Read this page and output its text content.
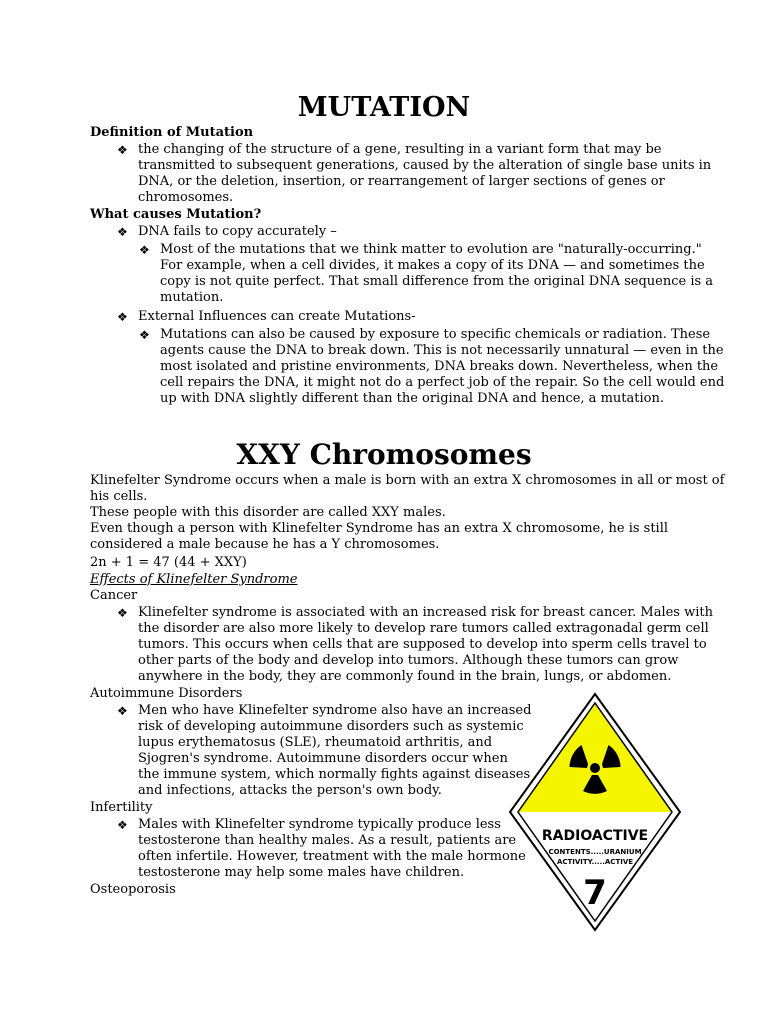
MUTATION
Definition of Mutation
❖ the changing of the structure of a gene, resulting in a variant form that may be
transmitted to subsequent generations, caused by the alteration of single base units in
DNA, or the deletion, insertion, or rearrangement of larger sections of genes or
chromosomes.
What causes Mutation?
❖ DNA fails to copy accurately –
❖ Most of the mutations that we think matter to evolution are "naturally-occurring."
For example, when a cell divides, it makes a copy of its DNA — and sometimes the
copy is not quite perfect. That small difference from the original DNA sequence is a
mutation.
❖ External Influences can create Mutations-
❖ Mutations can also be caused by exposure to specific chemicals or radiation. These
agents cause the DNA to break down. This is not necessarily unnatural — even in the
most isolated and pristine environments, DNA breaks down. Nevertheless, when the
cell repairs the DNA, it might not do a perfect job of the repair. So the cell would end
up with DNA slightly different than the original DNA and hence, a mutation.
XXY Chromosomes
Klinefelter Syndrome occurs when a male is born with an extra X chromosomes in all or most of
his cells.
These people with this disorder are called XXY males.
Even though a person with Klinefelter Syndrome has an extra X chromosome, he is still
considered a male because he has a Y chromosomes.
2n + 1 = 47 (44 + XXY)
Effects of Klinefelter Syndrome
Cancer
❖ Klinefelter syndrome is associated with an increased risk for breast cancer. Males with
the disorder are also more likely to develop rare tumors called extragonadal germ cell
tumors. This occurs when cells that are supposed to develop into sperm cells travel to
other parts of the body and develop into tumors. Although these tumors can grow
anywhere in the body, they are commonly found in the brain, lungs, or abdomen.
Autoimmune Disorders
❖ Men who have Klinefelter syndrome also have an increased
risk of developing autoimmune disorders such as systemic
lupus erythematosus (SLE), rheumatoid arthritis, and
Sjogren's syndrome. Autoimmune disorders occur when
the immune system, which normally fights against diseases
and infections, attacks the person's own body.
Infertility
❖ Males with Klinefelter syndrome typically produce less
testosterone than healthy males. As a result, patients are
often infertile. However, treatment with the male hormone
testosterone may help some males have children.
Osteoporosis
RADIOACTIVE
CONTENTS.....URANIUM
ACTIVITY.....ACTIVE
7
